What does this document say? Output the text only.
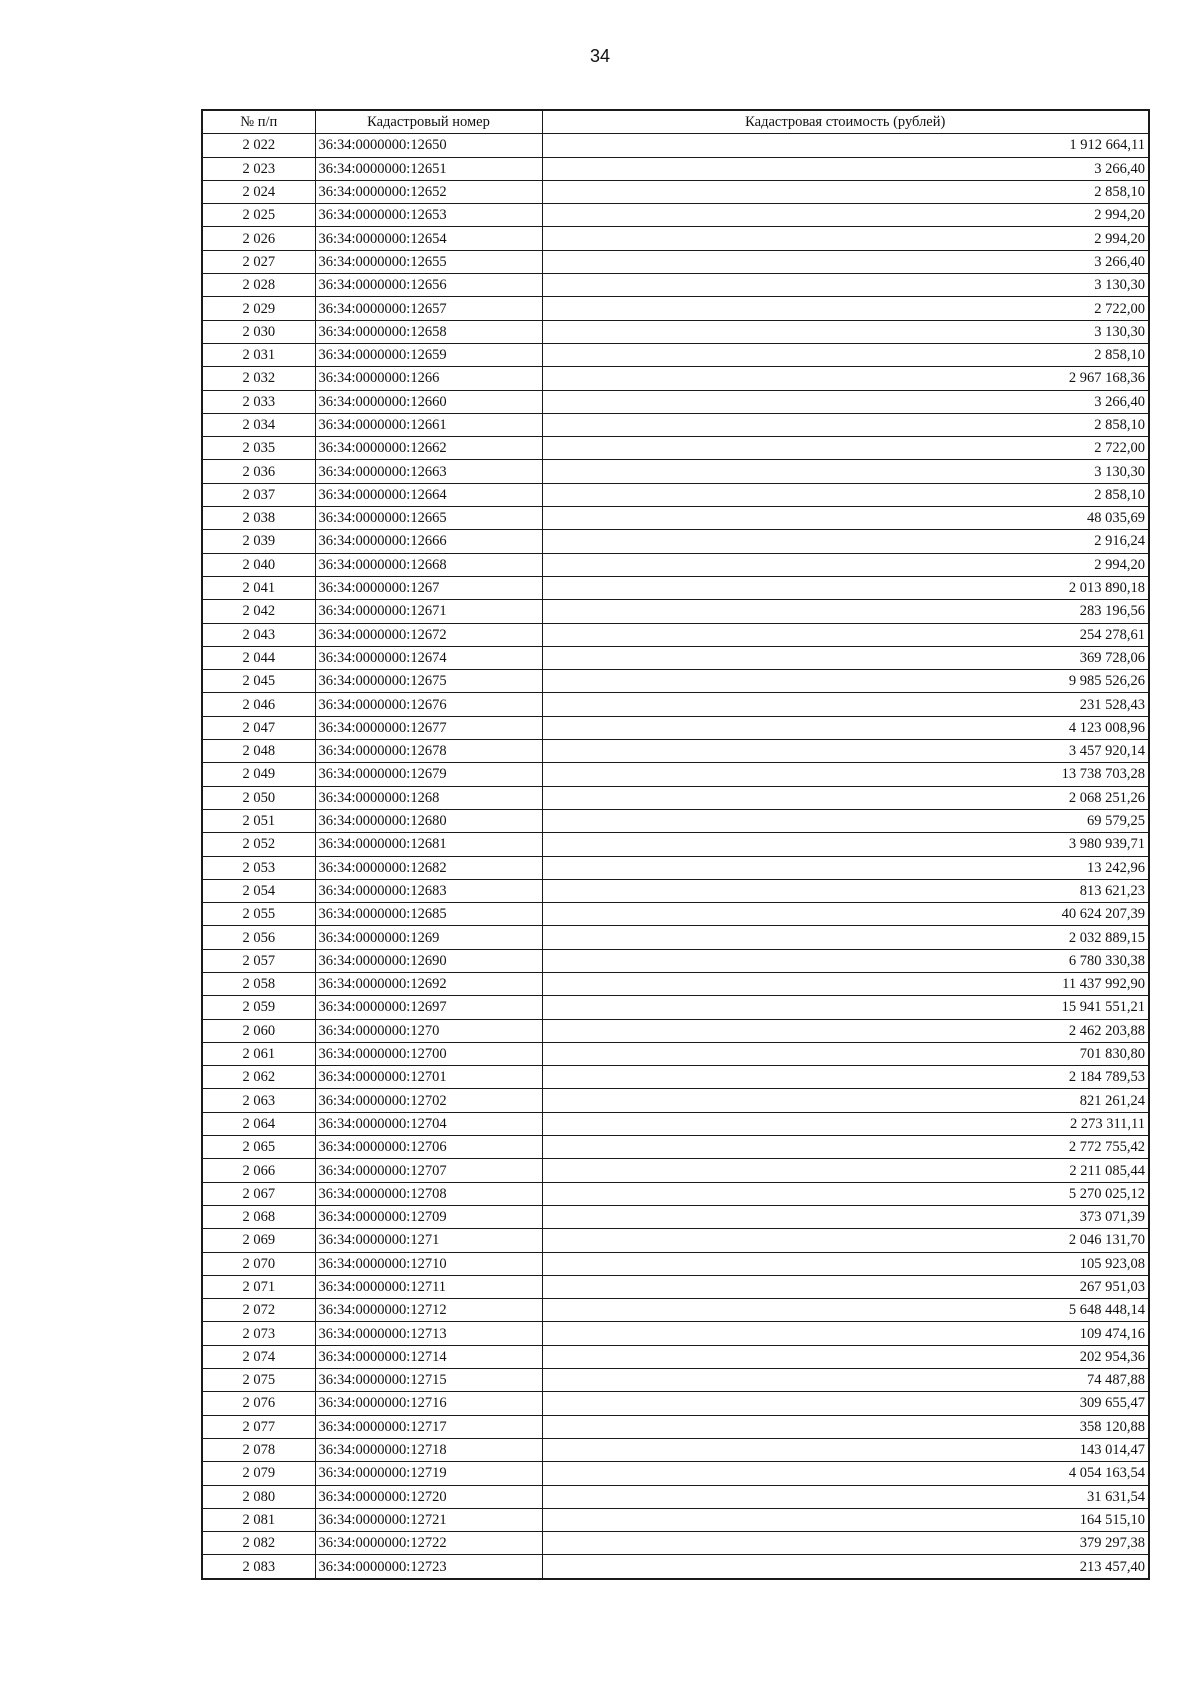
34
№ п/п	Кадастровый номер	Кадастровая стоимость (рублей)
2 022	36:34:0000000:12650	1 912 664,11
2 023	36:34:0000000:12651	3 266,40
2 024	36:34:0000000:12652	2 858,10
2 025	36:34:0000000:12653	2 994,20
2 026	36:34:0000000:12654	2 994,20
2 027	36:34:0000000:12655	3 266,40
2 028	36:34:0000000:12656	3 130,30
2 029	36:34:0000000:12657	2 722,00
2 030	36:34:0000000:12658	3 130,30
2 031	36:34:0000000:12659	2 858,10
2 032	36:34:0000000:1266	2 967 168,36
2 033	36:34:0000000:12660	3 266,40
2 034	36:34:0000000:12661	2 858,10
2 035	36:34:0000000:12662	2 722,00
2 036	36:34:0000000:12663	3 130,30
2 037	36:34:0000000:12664	2 858,10
2 038	36:34:0000000:12665	48 035,69
2 039	36:34:0000000:12666	2 916,24
2 040	36:34:0000000:12668	2 994,20
2 041	36:34:0000000:1267	2 013 890,18
2 042	36:34:0000000:12671	283 196,56
2 043	36:34:0000000:12672	254 278,61
2 044	36:34:0000000:12674	369 728,06
2 045	36:34:0000000:12675	9 985 526,26
2 046	36:34:0000000:12676	231 528,43
2 047	36:34:0000000:12677	4 123 008,96
2 048	36:34:0000000:12678	3 457 920,14
2 049	36:34:0000000:12679	13 738 703,28
2 050	36:34:0000000:1268	2 068 251,26
2 051	36:34:0000000:12680	69 579,25
2 052	36:34:0000000:12681	3 980 939,71
2 053	36:34:0000000:12682	13 242,96
2 054	36:34:0000000:12683	813 621,23
2 055	36:34:0000000:12685	40 624 207,39
2 056	36:34:0000000:1269	2 032 889,15
2 057	36:34:0000000:12690	6 780 330,38
2 058	36:34:0000000:12692	11 437 992,90
2 059	36:34:0000000:12697	15 941 551,21
2 060	36:34:0000000:1270	2 462 203,88
2 061	36:34:0000000:12700	701 830,80
2 062	36:34:0000000:12701	2 184 789,53
2 063	36:34:0000000:12702	821 261,24
2 064	36:34:0000000:12704	2 273 311,11
2 065	36:34:0000000:12706	2 772 755,42
2 066	36:34:0000000:12707	2 211 085,44
2 067	36:34:0000000:12708	5 270 025,12
2 068	36:34:0000000:12709	373 071,39
2 069	36:34:0000000:1271	2 046 131,70
2 070	36:34:0000000:12710	105 923,08
2 071	36:34:0000000:12711	267 951,03
2 072	36:34:0000000:12712	5 648 448,14
2 073	36:34:0000000:12713	109 474,16
2 074	36:34:0000000:12714	202 954,36
2 075	36:34:0000000:12715	74 487,88
2 076	36:34:0000000:12716	309 655,47
2 077	36:34:0000000:12717	358 120,88
2 078	36:34:0000000:12718	143 014,47
2 079	36:34:0000000:12719	4 054 163,54
2 080	36:34:0000000:12720	31 631,54
2 081	36:34:0000000:12721	164 515,10
2 082	36:34:0000000:12722	379 297,38
2 083	36:34:0000000:12723	213 457,40
